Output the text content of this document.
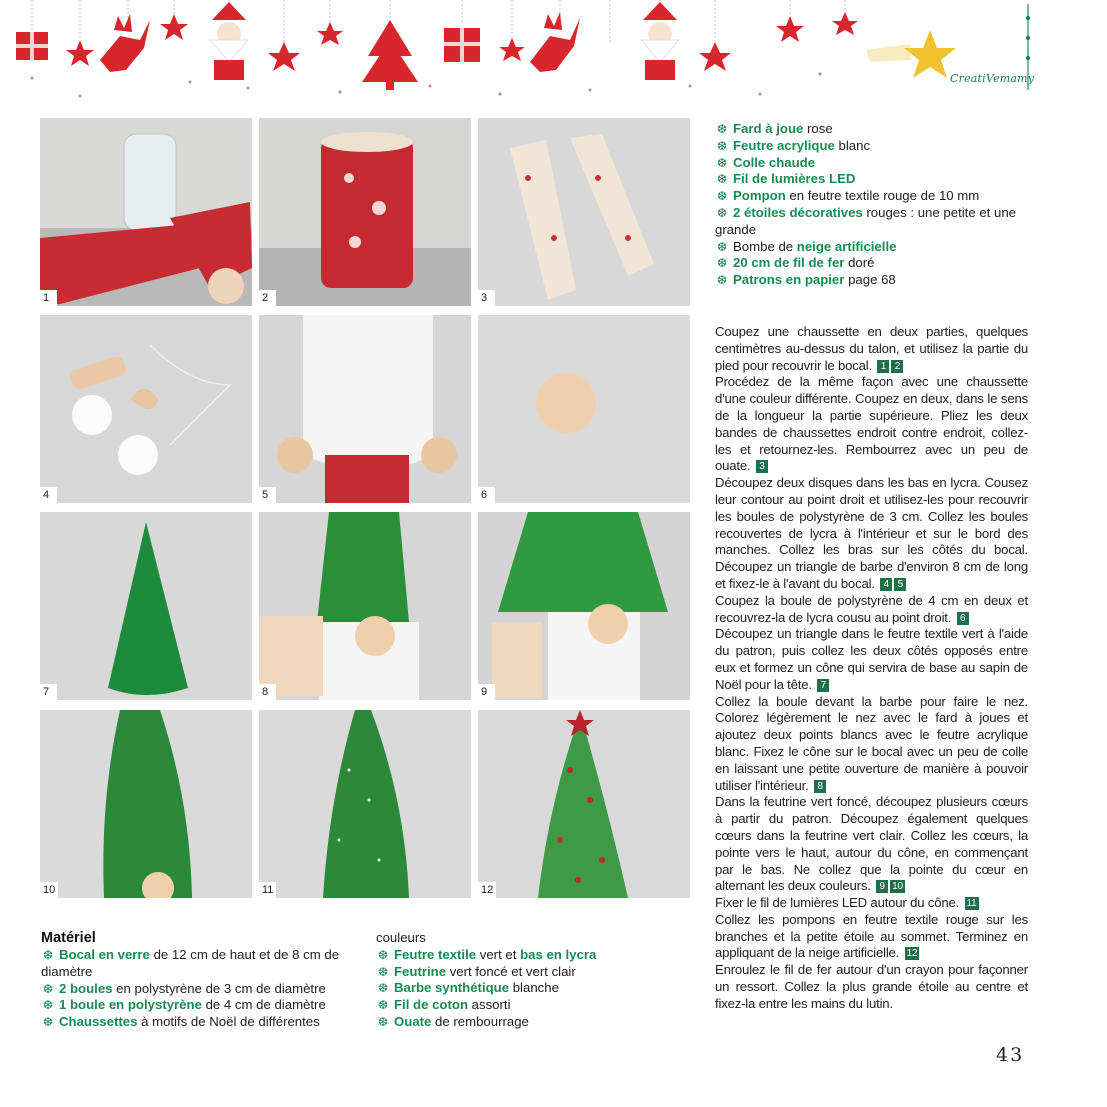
CreatiVemamy
1	2	3
4	5	6
7	8	9
10	11	12
❆ Fard à joue rose
❆ Feutre acrylique blanc
❆ Colle chaude
❆ Fil de lumières LED
❆ Pompon en feutre textile rouge de 10 mm
❆ 2 étoiles décoratives rouges : une petite et une grande
❆ Bombe de neige artificielle
❆ 20 cm de fil de fer doré
❆ Patrons en papier page 68

Coupez une chaussette en deux parties, quelques centimètres au-dessus du talon, et utilisez la partie du pied pour recouvrir le bocal. 1 2

Procédez de la même façon avec une chaussette d'une couleur différente. Coupez en deux, dans le sens de la longueur la partie supérieure. Pliez les deux bandes de chaussettes endroit contre endroit, collez-les et retournez-les. Rembourrez avec un peu de ouate. 3

Découpez deux disques dans les bas en lycra. Cousez leur contour au point droit et utilisez-les pour recouvrir les boules de polystyrène de 3 cm. Collez les boules recouvertes de lycra à l'intérieur et sur le bord des manches. Collez les bras sur les côtés du bocal. Découpez un triangle de barbe d'environ 8 cm de long et fixez-le à l'avant du bocal. 4 5

Coupez la boule de polystyrène de 4 cm en deux et recouvrez-la de lycra cousu au point droit. 6

Découpez un triangle dans le feutre textile vert à l'aide du patron, puis collez les deux côtés opposés entre eux et formez un cône qui servira de base au sapin de Noël pour la tête. 7

Collez la boule devant la barbe pour faire le nez. Colorez légèrement le nez avec le fard à joues et ajoutez deux points blancs avec le feutre acrylique blanc. Fixez le cône sur le bocal avec un peu de colle en laissant une petite ouverture de manière à pouvoir utiliser l'intérieur. 8

Dans la feutrine vert foncé, découpez plusieurs cœurs à partir du patron. Découpez également quelques cœurs dans la feutrine vert clair. Collez les cœurs, la pointe vers le haut, autour du cône, en commençant par le bas. Ne collez que la pointe du cœur en alternant les deux couleurs. 9 10

Fixer le fil de lumières LED autour du cône. 11

Collez les pompons en feutre textile rouge sur les branches et la petite étoile au sommet. Terminez en appliquant de la neige artificielle. 12

Enroulez le fil de fer autour d'un crayon pour façonner un ressort. Collez la plus grande étoile au centre et fixez-la entre les mains du lutin.

Matériel
❆ Bocal en verre de 12 cm de haut et de 8 cm de diamètre
❆ 2 boules en polystyrène de 3 cm de diamètre
❆ 1 boule en polystyrène de 4 cm de diamètre
❆ Chaussettes à motifs de Noël de différentes
couleurs
❆ Feutre textile vert et bas en lycra
❆ Feutrine vert foncé et vert clair
❆ Barbe synthétique blanche
❆ Fil de coton assorti
❆ Ouate de rembourrage
43
